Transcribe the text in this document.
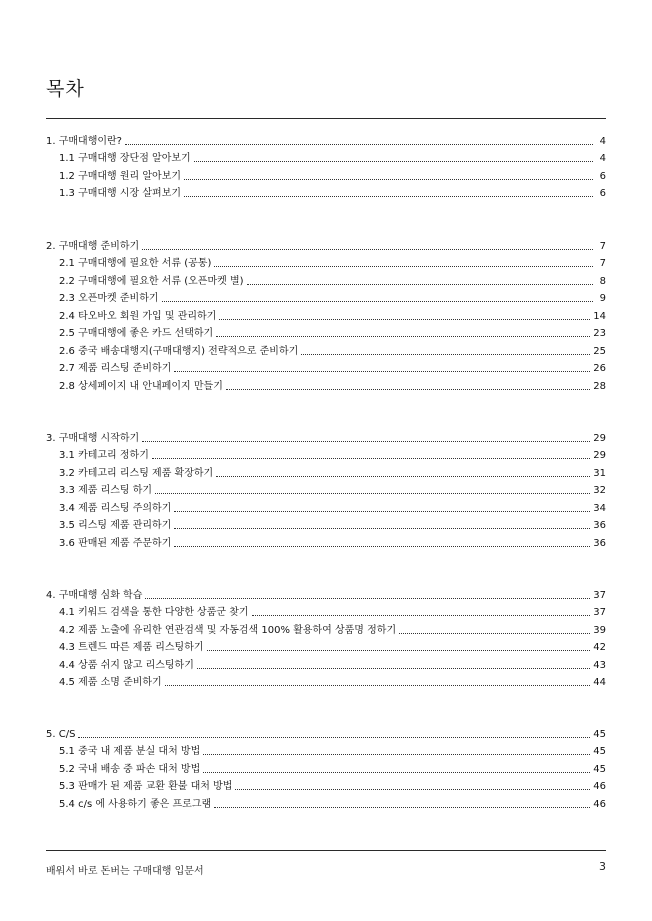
목차
1. 구매대행이란?	4
1.1 구매대행 장단점 알아보기	4
1.2 구매대행 원리 알아보기	6
1.3 구매대행 시장 살펴보기	6
2. 구매대행 준비하기	7
2.1 구매대행에 필요한 서류 (공통)	7
2.2 구매대행에 필요한 서류 (오픈마켓 별)	8
2.3 오픈마켓 준비하기	9
2.4 타오바오 회원 가입 및 관리하기	14
2.5 구매대행에 좋은 카드 선택하기	23
2.6 중국 배송대행지(구매대행지) 전략적으로 준비하기	25
2.7 제품 리스팅 준비하기	26
2.8 상세페이지 내 안내페이지 만들기	28
3. 구매대행 시작하기	29
3.1 카테고리 정하기	29
3.2 카테고리 리스팅 제품 확장하기	31
3.3 제품 리스팅 하기	32
3.4 제품 리스팅 주의하기	34
3.5 리스팅 제품 관리하기	36
3.6 판매된 제품 주문하기	36
4. 구매대행 심화 학습	37
4.1 키워드 검색을 통한 다양한 상품군 찾기	37
4.2 제품 노출에 유리한 연관검색 및 자동검색 100% 활용하여 상품명 정하기	39
4.3 트렌드 따른 제품 리스팅하기	42
4.4 상품 쉬지 않고 리스팅하기	43
4.5 제품 소명 준비하기	44
5. C/S	45
5.1 중국 내 제품 분실 대처 방법	45
5.2 국내 배송 중 파손 대처 방법	45
5.3 판매가 된 제품 교환 환불 대처 방법	46
5.4 c/s 에 사용하기 좋은 프로그램	46
배워서 바로 돈버는 구매대행 입문서	3
